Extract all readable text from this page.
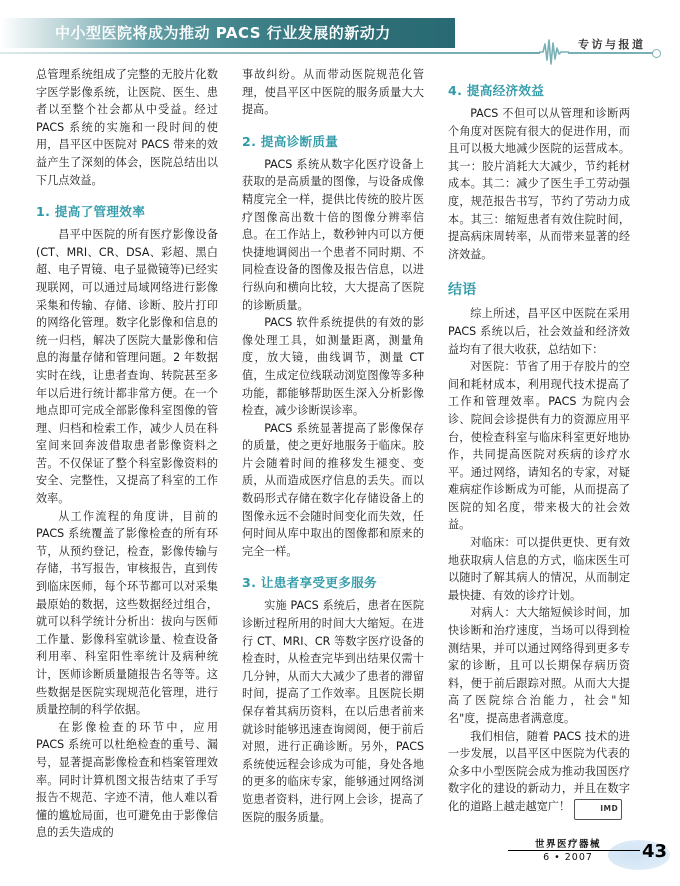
中小型医院将成为推动 PACS 行业发展的新动力
专访与报道

总管理系统组成了完整的无胶片化数字医学影像系统，让医院、医生、患者以至整个社会都从中受益。经过 PACS 系统的实施和一段时间的使用，昌平区中医院对 PACS 带来的效益产生了深刻的体会，医院总结出以下几点效益。

1. 提高了管理效率

昌平中医院的所有医疗影像设备 (CT、MRI、CR、DSA、彩超、黑白超、电子胃镜、电子显微镜等)已经实现联网，可以通过局域网络进行影像采集和传输、存储、诊断、胶片打印的网络化管理。数字化影像和信息的统一归档，解决了医院大量影像和信息的海量存储和管理问题。2 年数据实时在线，让患者查询、转院甚至多年以后进行统计都非常方便。在一个地点即可完成全部影像科室图像的管理、归档和检索工作，减少人员在科室间来回奔波借取患者影像资料之苦。不仅保证了整个科室影像资料的安全、完整性，又提高了科室的工作效率。

从工作流程的角度讲，目前的 PACS 系统覆盖了影像检查的所有环节，从预约登记，检查，影像传输与存储，书写报告，审核报告，直到传到临床医师，每个环节都可以对采集最原始的数据，这些数据经过组合，就可以科学统计分析出：拔向与医师工作量、影像科室就诊量、检查设备利用率、科室阳性率统计及病种统计，医师诊断质量随报告名等等。这些数据是医院实现规范化管理，进行质量控制的科学依据。

在影像检查的环节中，应用 PACS 系统可以杜绝检查的重号、漏号，显著提高影像检查和档案管理效率。同时计算机图文报告结束了手写报告不规范、字迹不清，他人难以看懂的尴尬局面，也可避免由于影像信息的丢失造成的

事故纠纷。从而带动医院规范化管理，使昌平区中医院的服务质量大大提高。

2. 提高诊断质量

PACS 系统从数字化医疗设备上获取的是高质量的图像，与设备成像精度完全一样，提供比传统的胶片医疗图像高出数十倍的图像分辨率信息。在工作站上，数秒钟内可以方便快捷地调阅出一个患者不同时期、不同检查设备的图像及报告信息，以进行纵向和横向比较，大大提高了医院的诊断质量。

PACS 软件系统提供的有效的影像处理工具，如测量距离，测量角度，放大镜，曲线调节，测量 CT 值，生成定位线联动浏览图像等多种功能，都能够帮助医生深入分析影像检查，减少诊断误诊率。

PACS 系统显著提高了影像保存的质量，使之更好地服务于临床。胶片会随着时间的推移发生褪变、变质，从而造成医疗信息的丢失。而以数码形式存储在数字化存储设备上的图像永远不会随时间变化而失效，任何时间从库中取出的图像都和原来的完全一样。

3. 让患者享受更多服务

实施 PACS 系统后，患者在医院诊断过程所用的时间大大缩短。在进行 CT、MRI、CR 等数字医疗设备的检查时，从检查完毕到出结果仅需十几分钟，从而大大减少了患者的滞留时间，提高了工作效率。且医院长期保存着其病历资料，在以后患者前来就诊时能够迅速查询阅阅，便于前后对照，进行正确诊断。另外，PACS 系统使远程会诊成为可能，身处各地的更多的临床专家，能够通过网络浏览患者资料，进行网上会诊，提高了医院的服务质量。

4. 提高经济效益

PACS 不但可以从管理和诊断两个角度对医院有很大的促进作用，而且可以极大地减少医院的运营成本。其一：胶片消耗大大减少，节约耗材成本。其二：减少了医生手工劳动强度，规范报告书写，节约了劳动力成本。其三：缩短患者有效住院时间，提高病床周转率，从而带来显著的经济效益。

结语

综上所述，昌平区中医院在采用 PACS 系统以后，社会效益和经济效益均有了很大收获，总结如下：

对医院：节省了用于存胶片的空间和耗材成本，利用现代技术提高了工作和管理效率。PACS 为院内会诊、院间会诊提供有力的资源应用平台，使检查科室与临床科室更好地协作，共同提高医院对疾病的诊疗水平。通过网络，请知名的专家，对疑难病症作诊断成为可能，从而提高了医院的知名度，带来极大的社会效益。

对临床：可以提供更快、更有效地获取病人信息的方式，临床医生可以随时了解其病人的情况，从而制定最快捷、有效的诊疗计划。

对病人：大大缩短候诊时间，加快诊断和治疗速度，当场可以得到检测结果，并可以通过网络得到更多专家的诊断，且可以长期保存病历资料，便于前后跟踪对照。从而大大提高了医院综合治能力，社会"知名"度，提高患者满意度。

我们相信，随着 PACS 技术的进一步发展，以昌平区中医院为代表的众多中小型医院会成为推动我国医疗数字化的建设的新动力，并且在数字化的道路上越走越宽广！	IMD

世界医疗器械
6 • 2007	43
